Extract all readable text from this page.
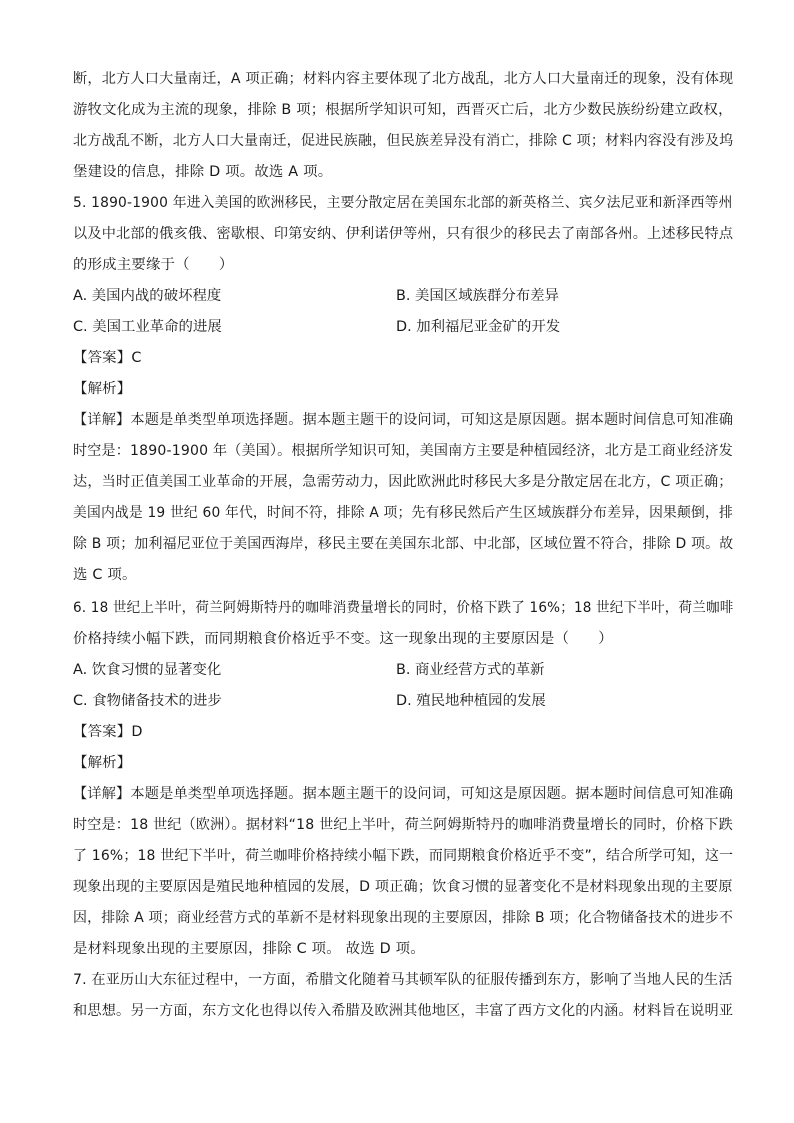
断，北方人口大量南迁，A 项正确；材料内容主要体现了北方战乱，北方人口大量南迁的现象，没有体现
游牧文化成为主流的现象，排除 B 项；根据所学知识可知，西晋灭亡后，北方少数民族纷纷建立政权，
北方战乱不断，北方人口大量南迁，促进民族融，但民族差异没有消亡，排除 C 项；材料内容没有涉及坞
堡建设的信息，排除 D 项。故选 A 项。
5. 1890-1900 年进入美国的欧洲移民，主要分散定居在美国东北部的新英格兰、宾夕法尼亚和新泽西等州
以及中北部的俄亥俄、密歇根、印第安纳、伊利诺伊等州，只有很少的移民去了南部各州。上述移民特点
的形成主要缘于（　　）
A. 美国内战的破坏程度	B. 美国区域族群分布差异
C. 美国工业革命的进展	D. 加利福尼亚金矿的开发
【答案】C
【解析】
【详解】本题是单类型单项选择题。据本题主题干的设问词，可知这是原因题。据本题时间信息可知准确
时空是：1890-1900 年（美国）。根据所学知识可知，美国南方主要是种植园经济，北方是工商业经济发
达，当时正值美国工业革命的开展，急需劳动力，因此欧洲此时移民大多是分散定居在北方，C 项正确；
美国内战是 19 世纪 60 年代，时间不符，排除 A 项；先有移民然后产生区域族群分布差异，因果颠倒，排
除 B 项；加利福尼亚位于美国西海岸，移民主要在美国东北部、中北部，区域位置不符合，排除 D 项。故
选 C 项。
6. 18 世纪上半叶，荷兰阿姆斯特丹的咖啡消费量增长的同时，价格下跌了 16%；18 世纪下半叶，荷兰咖啡
价格持续小幅下跌，而同期粮食价格近乎不变。这一现象出现的主要原因是（　　）
A. 饮食习惯的显著变化	B. 商业经营方式的革新
C. 食物储备技术的进步	D. 殖民地种植园的发展
【答案】D
【解析】
【详解】本题是单类型单项选择题。据本题主题干的设问词，可知这是原因题。据本题时间信息可知准确
时空是：18 世纪（欧洲）。据材料“18 世纪上半叶，荷兰阿姆斯特丹的咖啡消费量增长的同时，价格下跌
了 16%；18 世纪下半叶，荷兰咖啡价格持续小幅下跌，而同期粮食价格近乎不变”，结合所学可知，这一
现象出现的主要原因是殖民地种植园的发展，D 项正确；饮食习惯的显著变化不是材料现象出现的主要原
因，排除 A 项；商业经营方式的革新不是材料现象出现的主要原因，排除 B 项；化合物储备技术的进步不
是材料现象出现的主要原因，排除 C 项。 故选 D 项。
7. 在亚历山大东征过程中，一方面，希腊文化随着马其顿军队的征服传播到东方，影响了当地人民的生活
和思想。另一方面，东方文化也得以传入希腊及欧洲其他地区，丰富了西方文化的内涵。材料旨在说明亚
